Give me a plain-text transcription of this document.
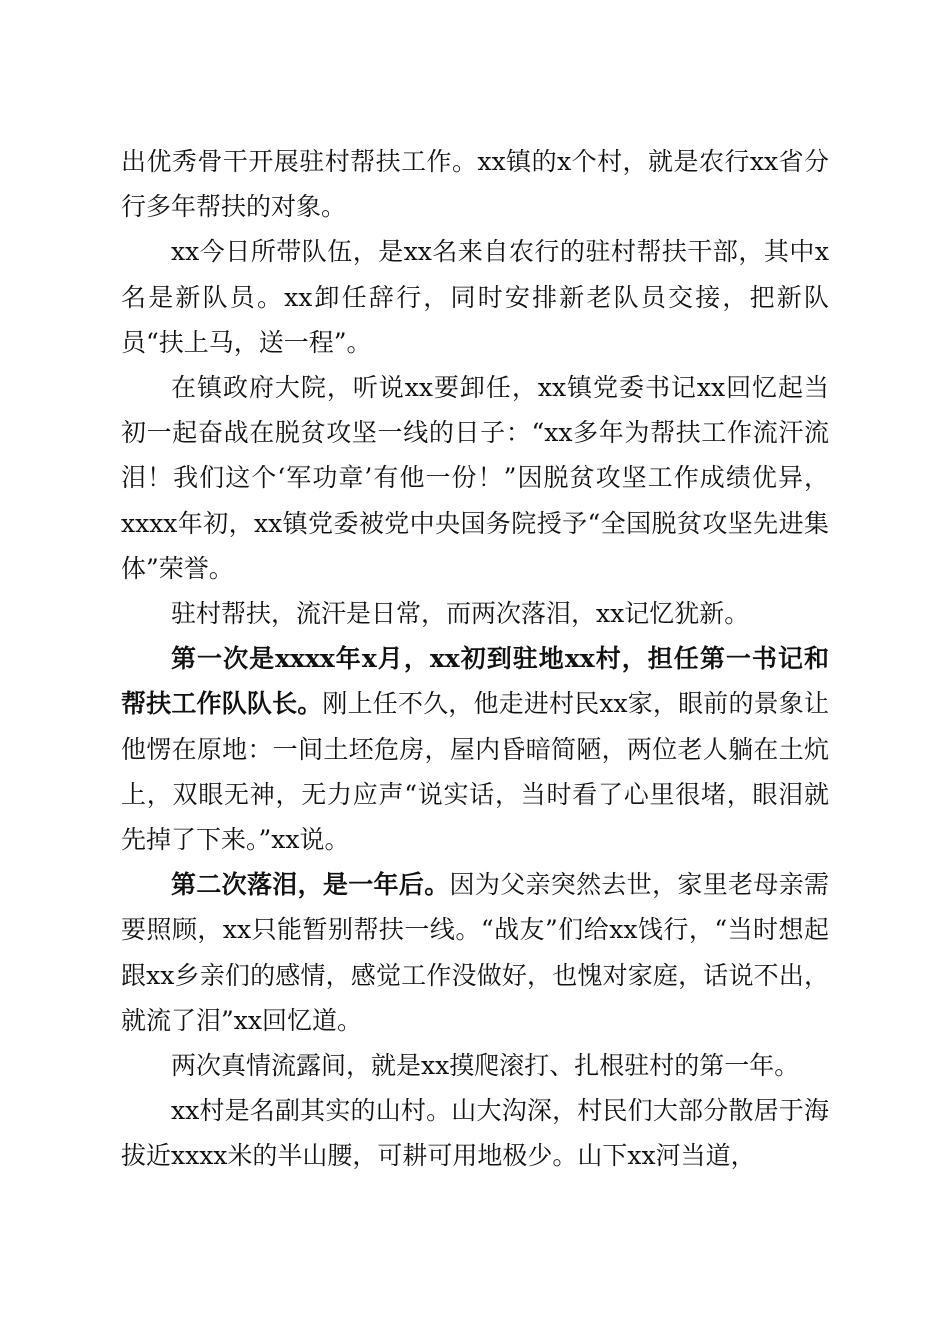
出优秀骨干开展驻村帮扶工作。xx镇的x个村，就是农行xx省分行多年帮扶的对象。

xx今日所带队伍，是xx名来自农行的驻村帮扶干部，其中x名是新队员。xx卸任辞行，同时安排新老队员交接，把新队员“扶上马，送一程”。

在镇政府大院，听说xx要卸任，xx镇党委书记xx回忆起当初一起奋战在脱贫攻坚一线的日子：“xx多年为帮扶工作流汗流泪！我们这个‘军功章’有他一份！”因脱贫攻坚工作成绩优异，xxxx年初，xx镇党委被党中央国务院授予“全国脱贫攻坚先进集体”荣誉。

驻村帮扶，流汗是日常，而两次落泪，xx记忆犹新。

第一次是xxxx年x月，xx初到驻地xx村，担任第一书记和帮扶工作队队长。刚上任不久，他走进村民xx家，眼前的景象让他愣在原地：一间土坯危房，屋内昏暗简陋，两位老人躺在土炕上，双眼无神，无力应声“说实话，当时看了心里很堵，眼泪就先掉了下来。”xx说。

第二次落泪，是一年后。因为父亲突然去世，家里老母亲需要照顾，xx只能暂别帮扶一线。“战友”们给xx饯行，“当时想起跟xx乡亲们的感情，感觉工作没做好，也愧对家庭，话说不出，就流了泪”xx回忆道。

两次真情流露间，就是xx摸爬滚打、扎根驻村的第一年。

xx村是名副其实的山村。山大沟深，村民们大部分散居于海拔近xxxx米的半山腰，可耕可用地极少。山下xx河当道，
